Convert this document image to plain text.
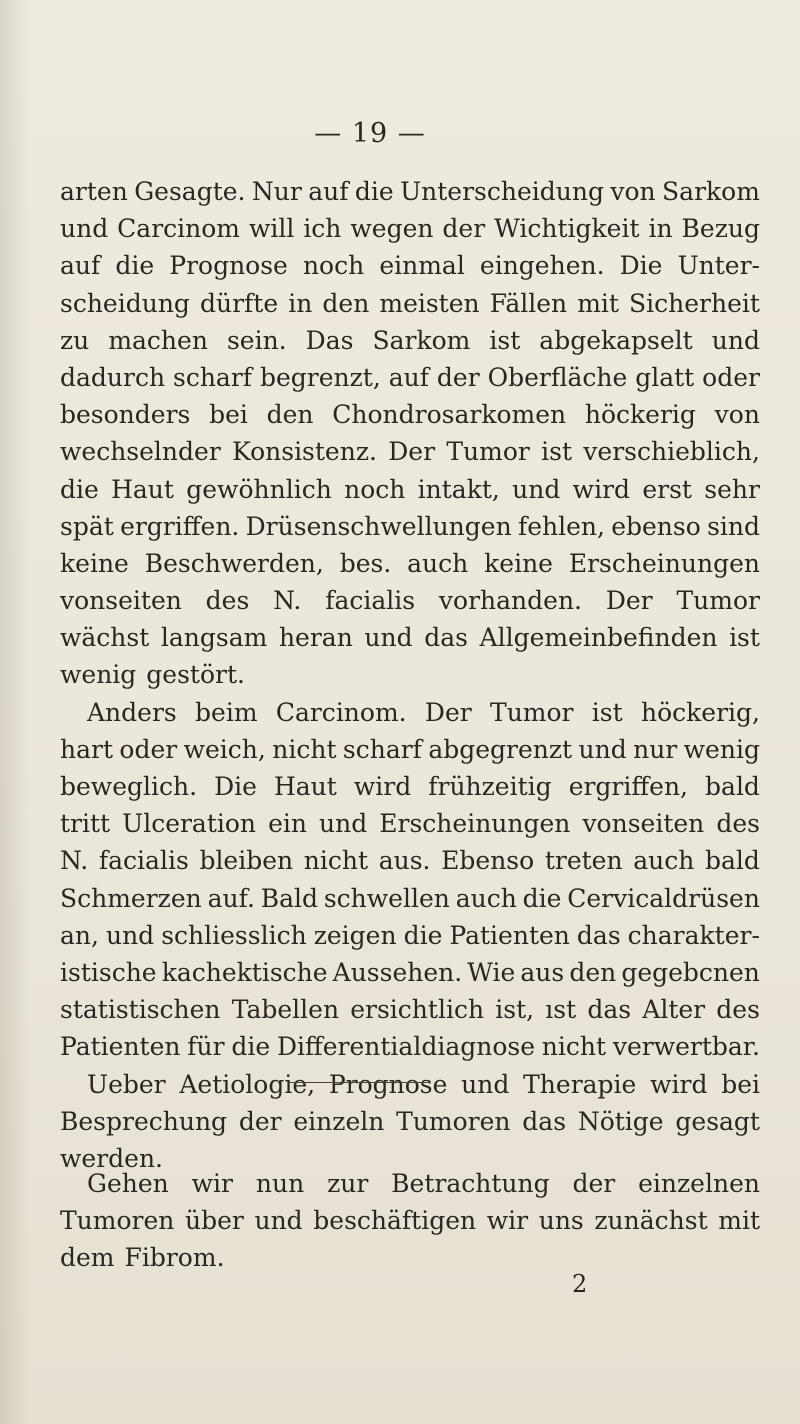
— 19 —
arten Gesagte. Nur auf die Unterscheidung von Sarkom
und Carcinom will ich wegen der Wichtigkeit in Bezug
auf die Prognose noch einmal eingehen. Die Unter-
scheidung dürfte in den meisten Fällen mit Sicherheit
zu machen sein. Das Sarkom ist abgekapselt und
dadurch scharf begrenzt, auf der Oberfläche glatt oder
besonders bei den Chondrosarkomen höckerig von
wechselnder Konsistenz. Der Tumor ist verschieblich,
die Haut gewöhnlich noch intakt, und wird erst sehr
spät ergriffen. Drüsenschwellungen fehlen, ebenso sind
keine Beschwerden, bes. auch keine Erscheinungen
vonseiten des N. facialis vorhanden. Der Tumor
wächst langsam heran und das Allgemeinbefinden ist
wenig gestört.
Anders beim Carcinom. Der Tumor ist höckerig,
hart oder weich, nicht scharf abgegrenzt und nur wenig
beweglich. Die Haut wird frühzeitig ergriffen, bald
tritt Ulceration ein und Erscheinungen vonseiten des
N. facialis bleiben nicht aus. Ebenso treten auch bald
Schmerzen auf. Bald schwellen auch die Cervicaldrüsen
an, und schliesslich zeigen die Patienten das charakter-
istische kachektische Aussehen. Wie aus den gegebcnen
statistischen Tabellen ersichtlich ist, ıst das Alter des
Patienten für die Differentialdiagnose nicht verwertbar.
Ueber Aetiologie, Prognose und Therapie wird bei
Besprechung der einzeln Tumoren das Nötige gesagt
werden.
Gehen wir nun zur Betrachtung der einzelnen
Tumoren über und beschäftigen wir uns zunächst mit
dem Fibrom.
2
